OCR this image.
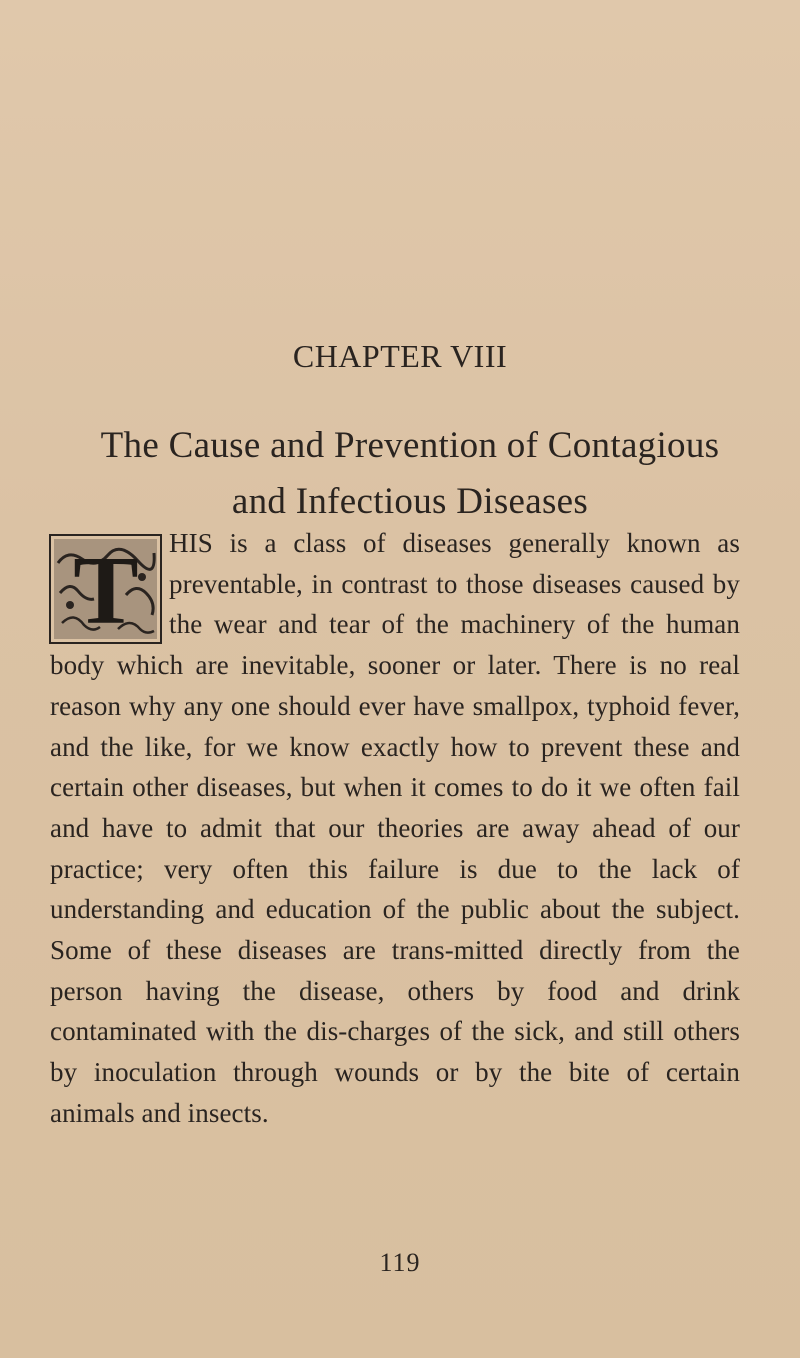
CHAPTER VIII
The Cause and Prevention of Contagious
and Infectious Diseases
T HIS is a class of diseases generally known as preventable, in contrast to those diseases caused by the wear and tear of the machinery of the human body which are inevitable, sooner or later. There is no real reason why any one should ever have smallpox, typhoid fever, and the like, for we know exactly how to prevent these and certain other diseases, but when it comes to do it we often fail and have to admit that our theories are away ahead of our practice; very often this failure is due to the lack of understanding and education of the public about the subject. Some of these diseases are trans-mitted directly from the person having the disease, others by food and drink contaminated with the dis-charges of the sick, and still others by inoculation through wounds or by the bite of certain animals and insects.
119
